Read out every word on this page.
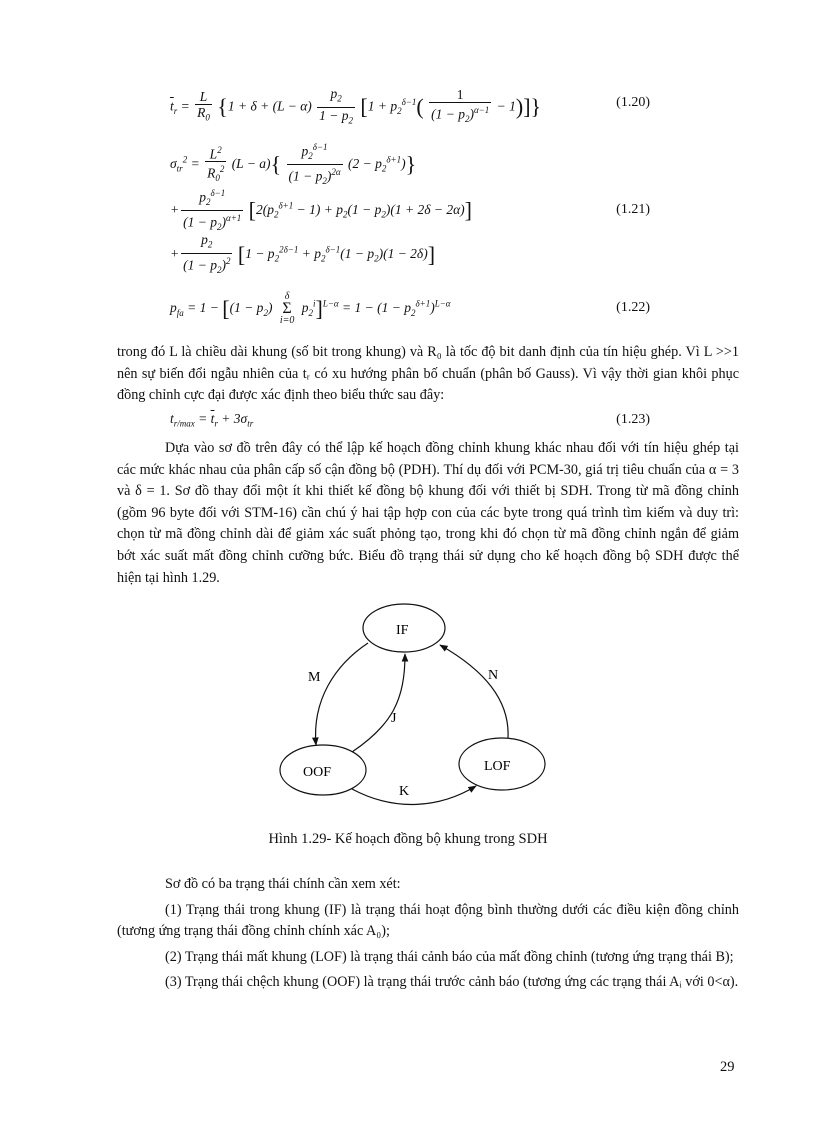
$\overline{t}_r = \frac{L}{R_0} \{1 + \delta + (L - \alpha) \frac{p_2}{1 - p_2} [1 + p_2^{\delta-1}( \frac{1}{(1 - p_2)^{\alpha-1}} - 1)]\}$	(1.20)
$\sigma_{tr}^2 = \frac{L^2}{R_0^2} (L - a)\{ \frac{p_2^{\delta-1}}{(1 - p_2)^{2\alpha}} (2 - p_2^{\delta+1})\}$
+ $\frac{p_2^{\delta-1}}{(1 - p_2)^{\alpha+1}} [2(p_2^{\delta+1} - 1) + p_2(1 - p_2)(1 + 2\delta - 2\alpha)]$
+ $\frac{p_2}{(1 - p_2)^2} [1 - p_2^{2\delta-1} + p_2^{\delta-1}(1 - p_2)(1 - 2\delta)]$
(1.21)
$p_{fa} = 1 - [(1 - p_2)$
δ
Σ
i=0
$p_2^i]^{L-\alpha} = 1 - (1 - p_2^{\delta+1})^{L-\alpha}$	(1.22)

trong đó L là chiều dài khung (số bit trong khung) và R₀ là tốc độ bit danh định của tín hiệu ghép. Vì L >>1 nên sự biến đổi ngẫu nhiên của tᵣ có xu hướng phân bố chuẩn (phân bố Gauss). Vì vậy thời gian khôi phục đồng chỉnh cực đại được xác định theo biểu thức sau đây:

$t_{r/max} = \overline{t}_r + 3\sigma_{tr}$	(1.23)

Dựa vào sơ đồ trên đây có thể lập kế hoạch đồng chỉnh khung khác nhau đối với tín hiệu ghép tại các mức khác nhau của phân cấp số cận đồng bộ (PDH). Thí dụ đối với PCM-30, giá trị tiêu chuẩn của α = 3 và δ = 1. Sơ đồ thay đổi một ít khi thiết kế đồng bộ khung đối với thiết bị SDH. Trong từ mã đồng chỉnh (gồm 96 byte đối với STM-16) cần chú ý hai tập hợp con của các byte trong quá trình tìm kiếm và duy trì: chọn từ mã đồng chỉnh dài để giảm xác suất phỏng tạo, trong khi đó chọn từ mã đồng chỉnh ngắn để giảm bớt xác suất mất đồng chỉnh cưỡng bức. Biểu đồ trạng thái sử dụng cho kế hoạch đồng bộ SDH được thể hiện tại hình 1.29.

IF
OOF	LOF
M	N
J
K
Hình 1.29- Kế hoạch đồng bộ khung trong SDH

Sơ đồ có ba trạng thái chính cần xem xét:

(1) Trạng thái trong khung (IF) là trạng thái hoạt động bình thường dưới các điều kiện đồng chỉnh (tương ứng trạng thái đồng chỉnh chính xác A₀);

(2) Trạng thái mất khung (LOF) là trạng thái cảnh báo của mất đồng chỉnh (tương ứng trạng thái B);

(3) Trạng thái chệch khung (OOF) là trạng thái trước cảnh báo (tương ứng các trạng thái Aᵢ với 0<α).

29
